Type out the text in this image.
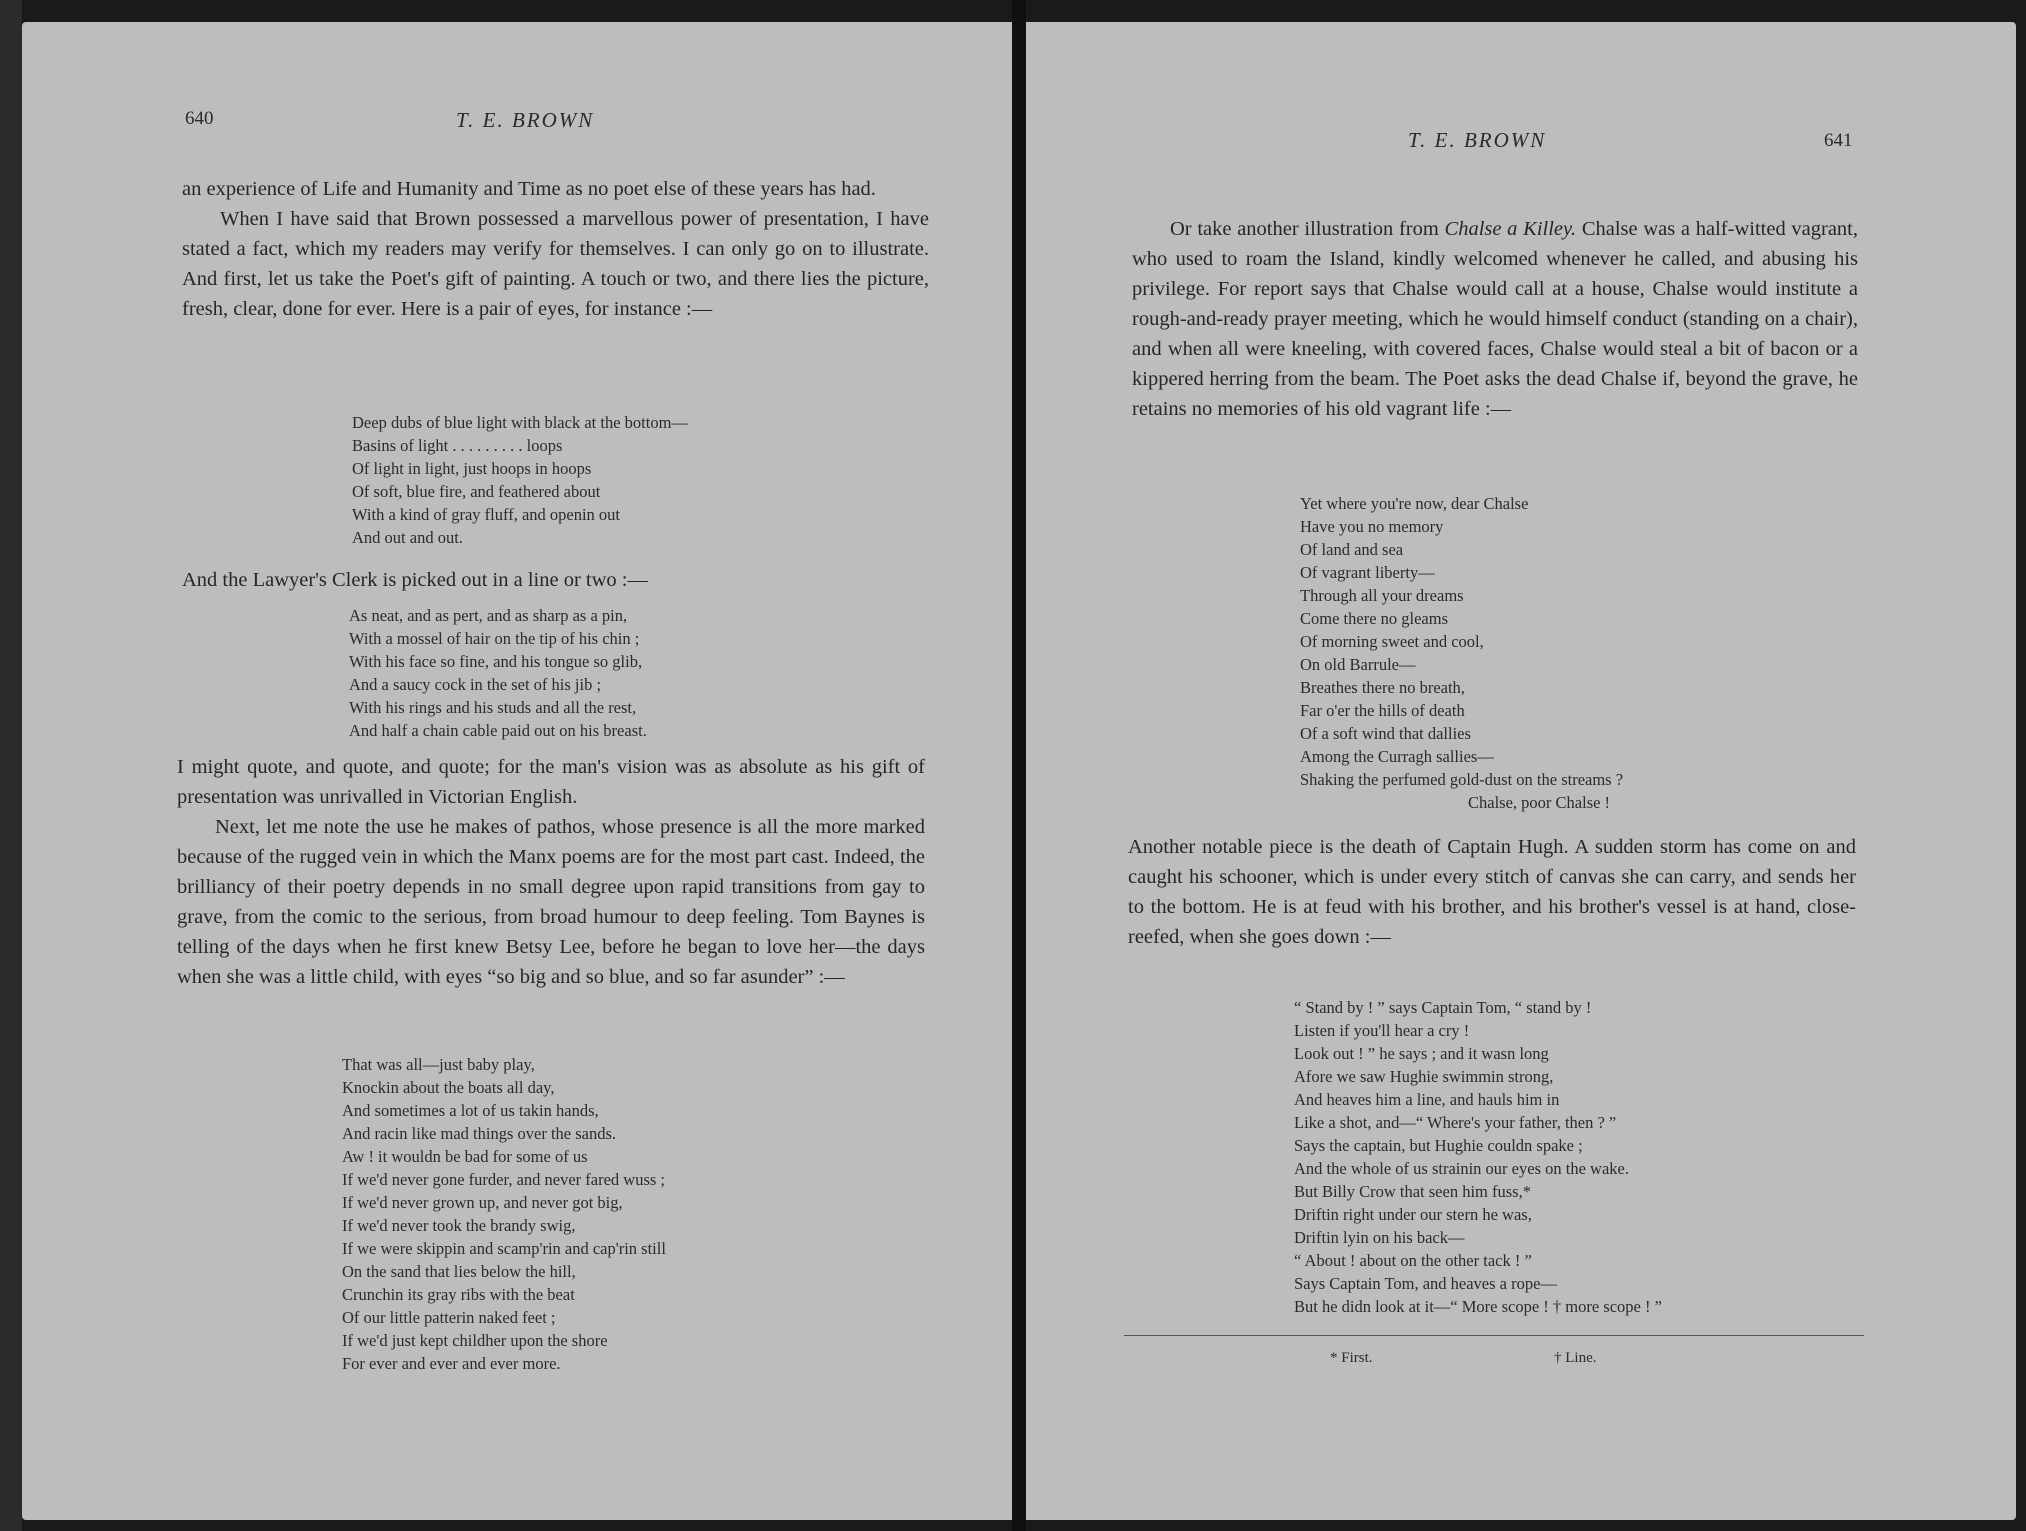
640	T. E. BROWN

an experience of Life and Humanity and Time as no poet else of these years has had.

When I have said that Brown possessed a marvellous power of presentation, I have stated a fact, which my readers may verify for themselves. I can only go on to illustrate. And first, let us take the Poet's gift of painting. A touch or two, and there lies the picture, fresh, clear, done for ever. Here is a pair of eyes, for instance :—

Deep dubs of blue light with black at the bottom—
Basins of light . . . . . . . . . loops
Of light in light, just hoops in hoops
Of soft, blue fire, and feathered about
With a kind of gray fluff, and openin out
And out and out.

And the Lawyer's Clerk is picked out in a line or two :—

As neat, and as pert, and as sharp as a pin,
With a mossel of hair on the tip of his chin ;
With his face so fine, and his tongue so glib,
And a saucy cock in the set of his jib ;
With his rings and his studs and all the rest,
And half a chain cable paid out on his breast.

I might quote, and quote, and quote; for the man's vision was as absolute as his gift of presentation was unrivalled in Victorian English.

Next, let me note the use he makes of pathos, whose presence is all the more marked because of the rugged vein in which the Manx poems are for the most part cast. Indeed, the brilliancy of their poetry depends in no small degree upon rapid transitions from gay to grave, from the comic to the serious, from broad humour to deep feeling. Tom Baynes is telling of the days when he first knew Betsy Lee, before he began to love her—the days when she was a little child, with eyes “so big and so blue, and so far asunder” :—

That was all—just baby play,
Knockin about the boats all day,
And sometimes a lot of us takin hands,
And racin like mad things over the sands.
Aw ! it wouldn be bad for some of us
If we'd never gone furder, and never fared wuss ;
If we'd never grown up, and never got big,
If we'd never took the brandy swig,
If we were skippin and scamp'rin and cap'rin still
On the sand that lies below the hill,
Crunchin its gray ribs with the beat
Of our little patterin naked feet ;
If we'd just kept childher upon the shore
For ever and ever and ever more.
T. E. BROWN	641

Or take another illustration from Chalse a Killey. Chalse was a half-witted vagrant, who used to roam the Island, kindly welcomed whenever he called, and abusing his privilege. For report says that Chalse would call at a house, Chalse would institute a rough-and-ready prayer meeting, which he would himself conduct (standing on a chair), and when all were kneeling, with covered faces, Chalse would steal a bit of bacon or a kippered herring from the beam. The Poet asks the dead Chalse if, beyond the grave, he retains no memories of his old vagrant life :—

Yet where you're now, dear Chalse
Have you no memory
Of land and sea
Of vagrant liberty—
Through all your dreams
Come there no gleams
Of morning sweet and cool,
On old Barrule—
Breathes there no breath,
Far o'er the hills of death
Of a soft wind that dallies
Among the Curragh sallies—
Shaking the perfumed gold-dust on the streams ?
Chalse, poor Chalse !

Another notable piece is the death of Captain Hugh. A sudden storm has come on and caught his schooner, which is under every stitch of canvas she can carry, and sends her to the bottom. He is at feud with his brother, and his brother's vessel is at hand, close-reefed, when she goes down :—

“ Stand by ! ” says Captain Tom, “ stand by !
Listen if you'll hear a cry !
Look out ! ” he says ; and it wasn long
Afore we saw Hughie swimmin strong,
And heaves him a line, and hauls him in
Like a shot, and—“ Where's your father, then ? ”
Says the captain, but Hughie couldn spake ;
And the whole of us strainin our eyes on the wake.
But Billy Crow that seen him fuss,*
Driftin right under our stern he was,
Driftin lyin on his back—
“ About ! about on the other tack ! ”
Says Captain Tom, and heaves a rope—
But he didn look at it—“ More scope ! † more scope ! ”
* First.	† Line.
